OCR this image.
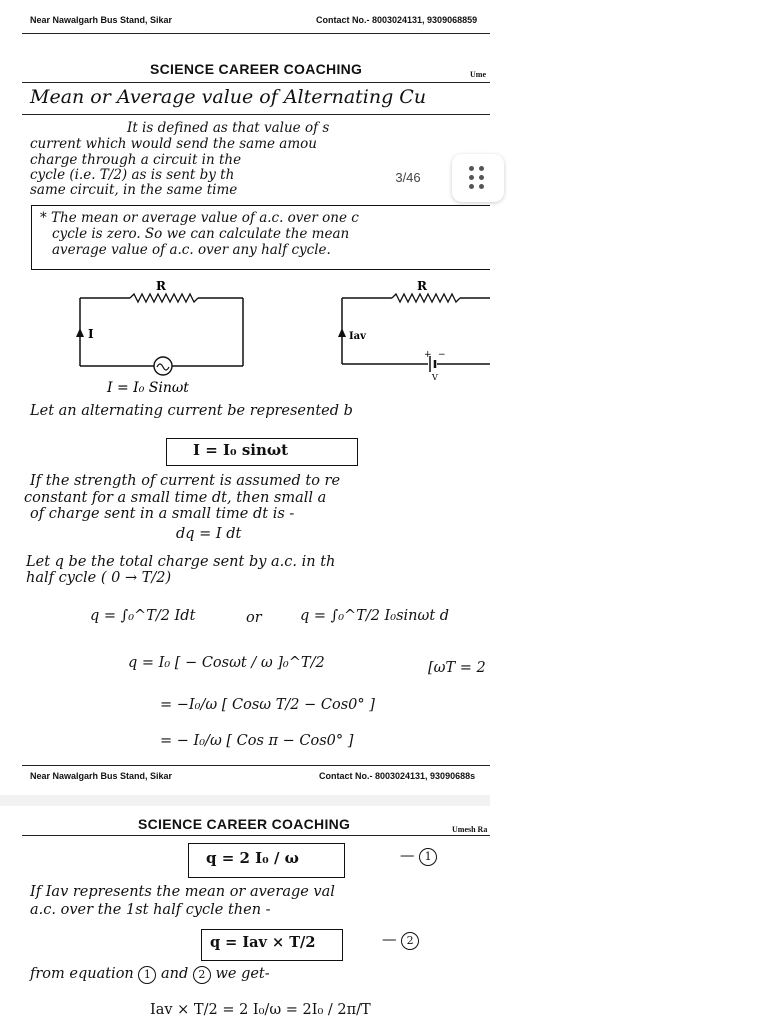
Near Nawalgarh Bus Stand, Sikar	Contact No.- 8003024131, 9309068859
SCIENCE CAREER COACHING	Ume
Mean or Average value of Alternating Cu
It is defined as that value of s
current which would send the same amou
charge through a circuit in the
cycle (i.e. T/2) as is sent by th
same circuit, in the same time
* The mean or average value of a.c. over one c
cycle is zero. So we can calculate the mean
average value of a.c. over any half cycle.
R
I
R
+ −
V
Iav
I = I₀ Sinωt
Let an alternating current be represented b
I = I₀ sinωt
If the strength of current is assumed to re
constant for a small time dt, then small a
of charge sent in a small time dt is -
dq = I dt
Let q be the total charge sent by a.c. in th
half cycle ( 0 → T/2)
q = ∫₀^T/2 Idt	or	q = ∫₀^T/2 I₀sinωt d
q = I₀ [ − Cosωt / ω ]₀^T/2	[ωT = 2
= −I₀/ω [ Cosω T/2 − Cos0° ]
= − I₀/ω [ Cos π − Cos0° ]
Near Nawalgarh Bus Stand, Sikar	Contact No.- 8003024131, 93090688s
SCIENCE CAREER COACHING	Umesh Ra
q = 2 I₀ / ω	— 1
If Iav represents the mean or average val
a.c. over the 1st half cycle then -
q = Iav × T/2	— 2
from equation 1 and 2 we get-
Iav × T/2 = 2 I₀/ω = 2I₀ / 2π/T
3/46
